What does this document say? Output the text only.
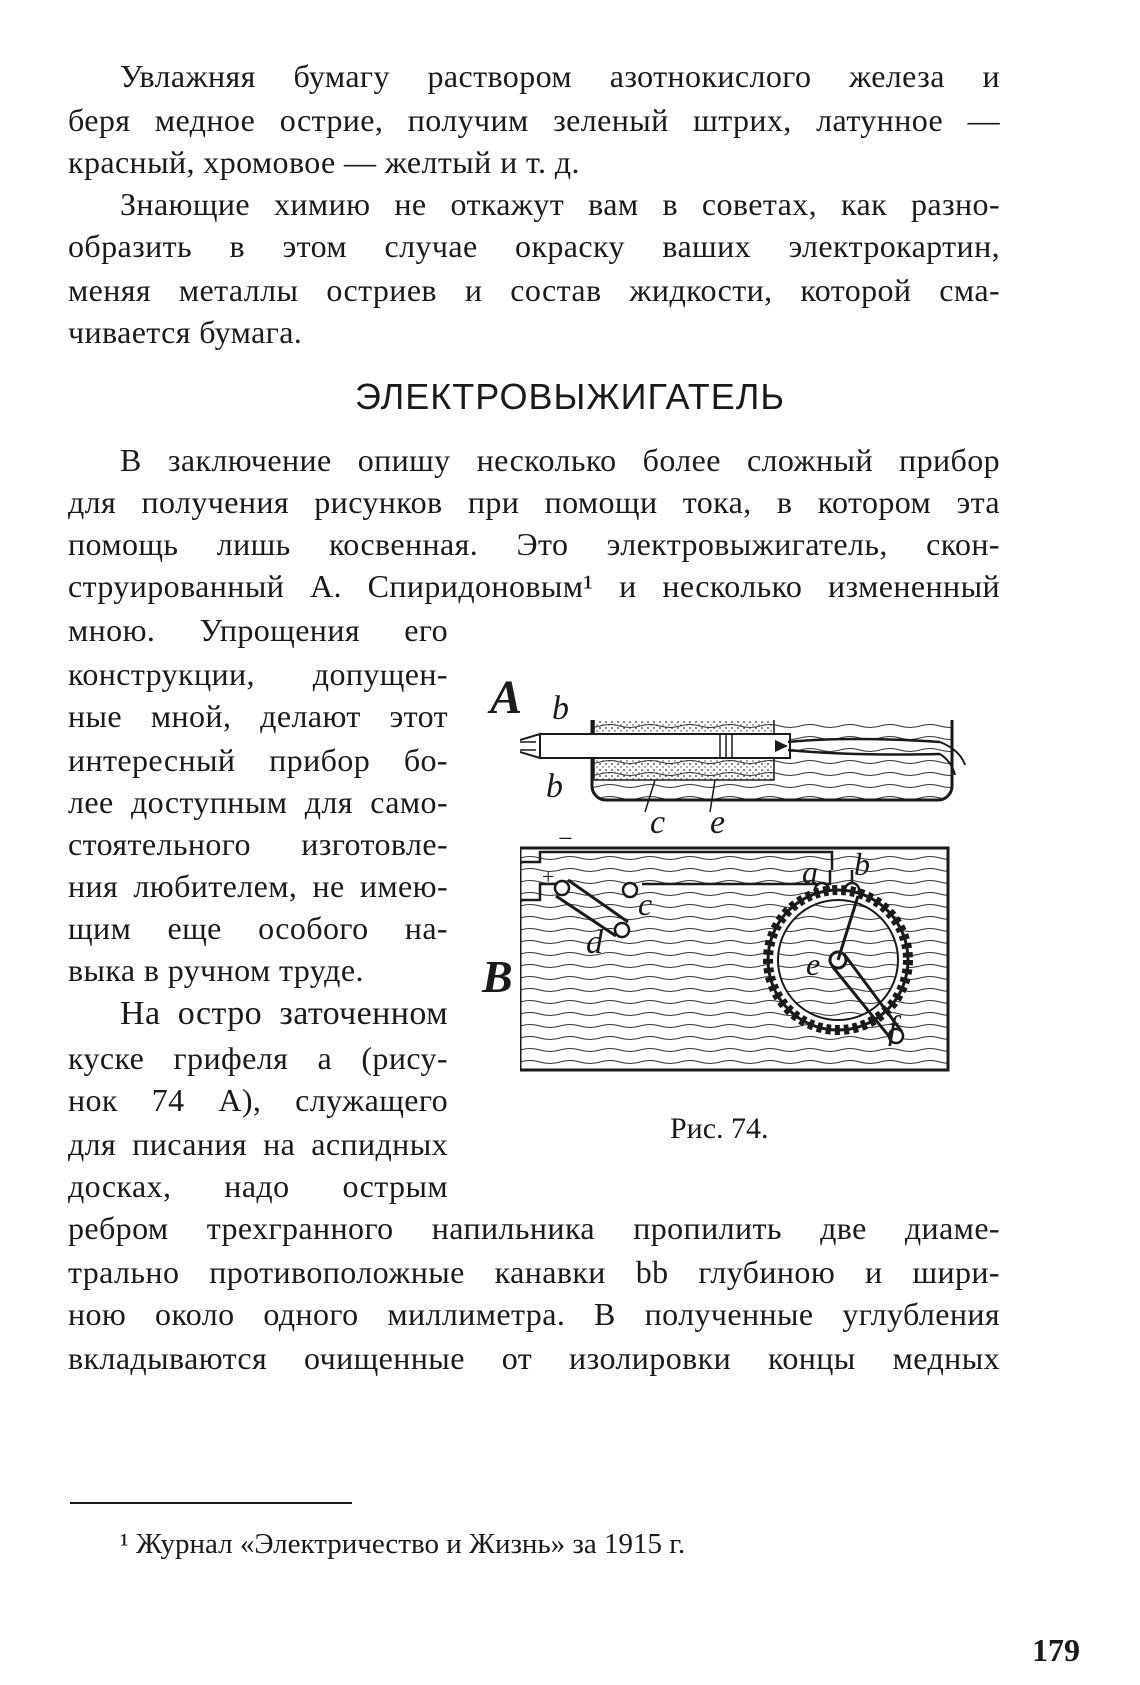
Увлажняя бумагу раствором азотнокислого железа и
беря медное острие, получим зеленый штрих, латунное —
красный, хромовое — желтый и т. д.
Знающие химию не откажут вам в советах, как разно-
образить в этом случае окраску ваших электрокартин,
меняя металлы остриев и состав жидкости, которой сма-
чивается бумага.
ЭЛЕКТРОВЫЖИГАТЕЛЬ
В заключение опишу несколько более сложный прибор
для получения рисунков при помощи тока, в котором эта
помощь лишь косвенная. Это электровыжигатель, скон-
струированный А. Спиридоновым¹ и несколько измененный
мною. Упрощения его
конструкции, допущен-
ные мной, делают этот
интересный прибор бо-
лее доступным для само-
стоятельного изготовле-
ния любителем, не имею-
щим еще особого на-
выка в ручном труде.
На остро заточенном
куске грифеля a (рису-
нок 74 A), служащего
для писания на аспидных
досках, надо острым
ребром трехгранного напильника пропилить две диаме-
трально противоположные канавки bb глубиною и шири-
ною около одного миллиметра. В полученные углубления
вкладываются очищенные от изолировки концы медных
A b
b
c e
B
−
+	a b
c
d
e
f
Рис. 74.
¹ Журнал «Электричество и Жизнь» за 1915 г.
179
